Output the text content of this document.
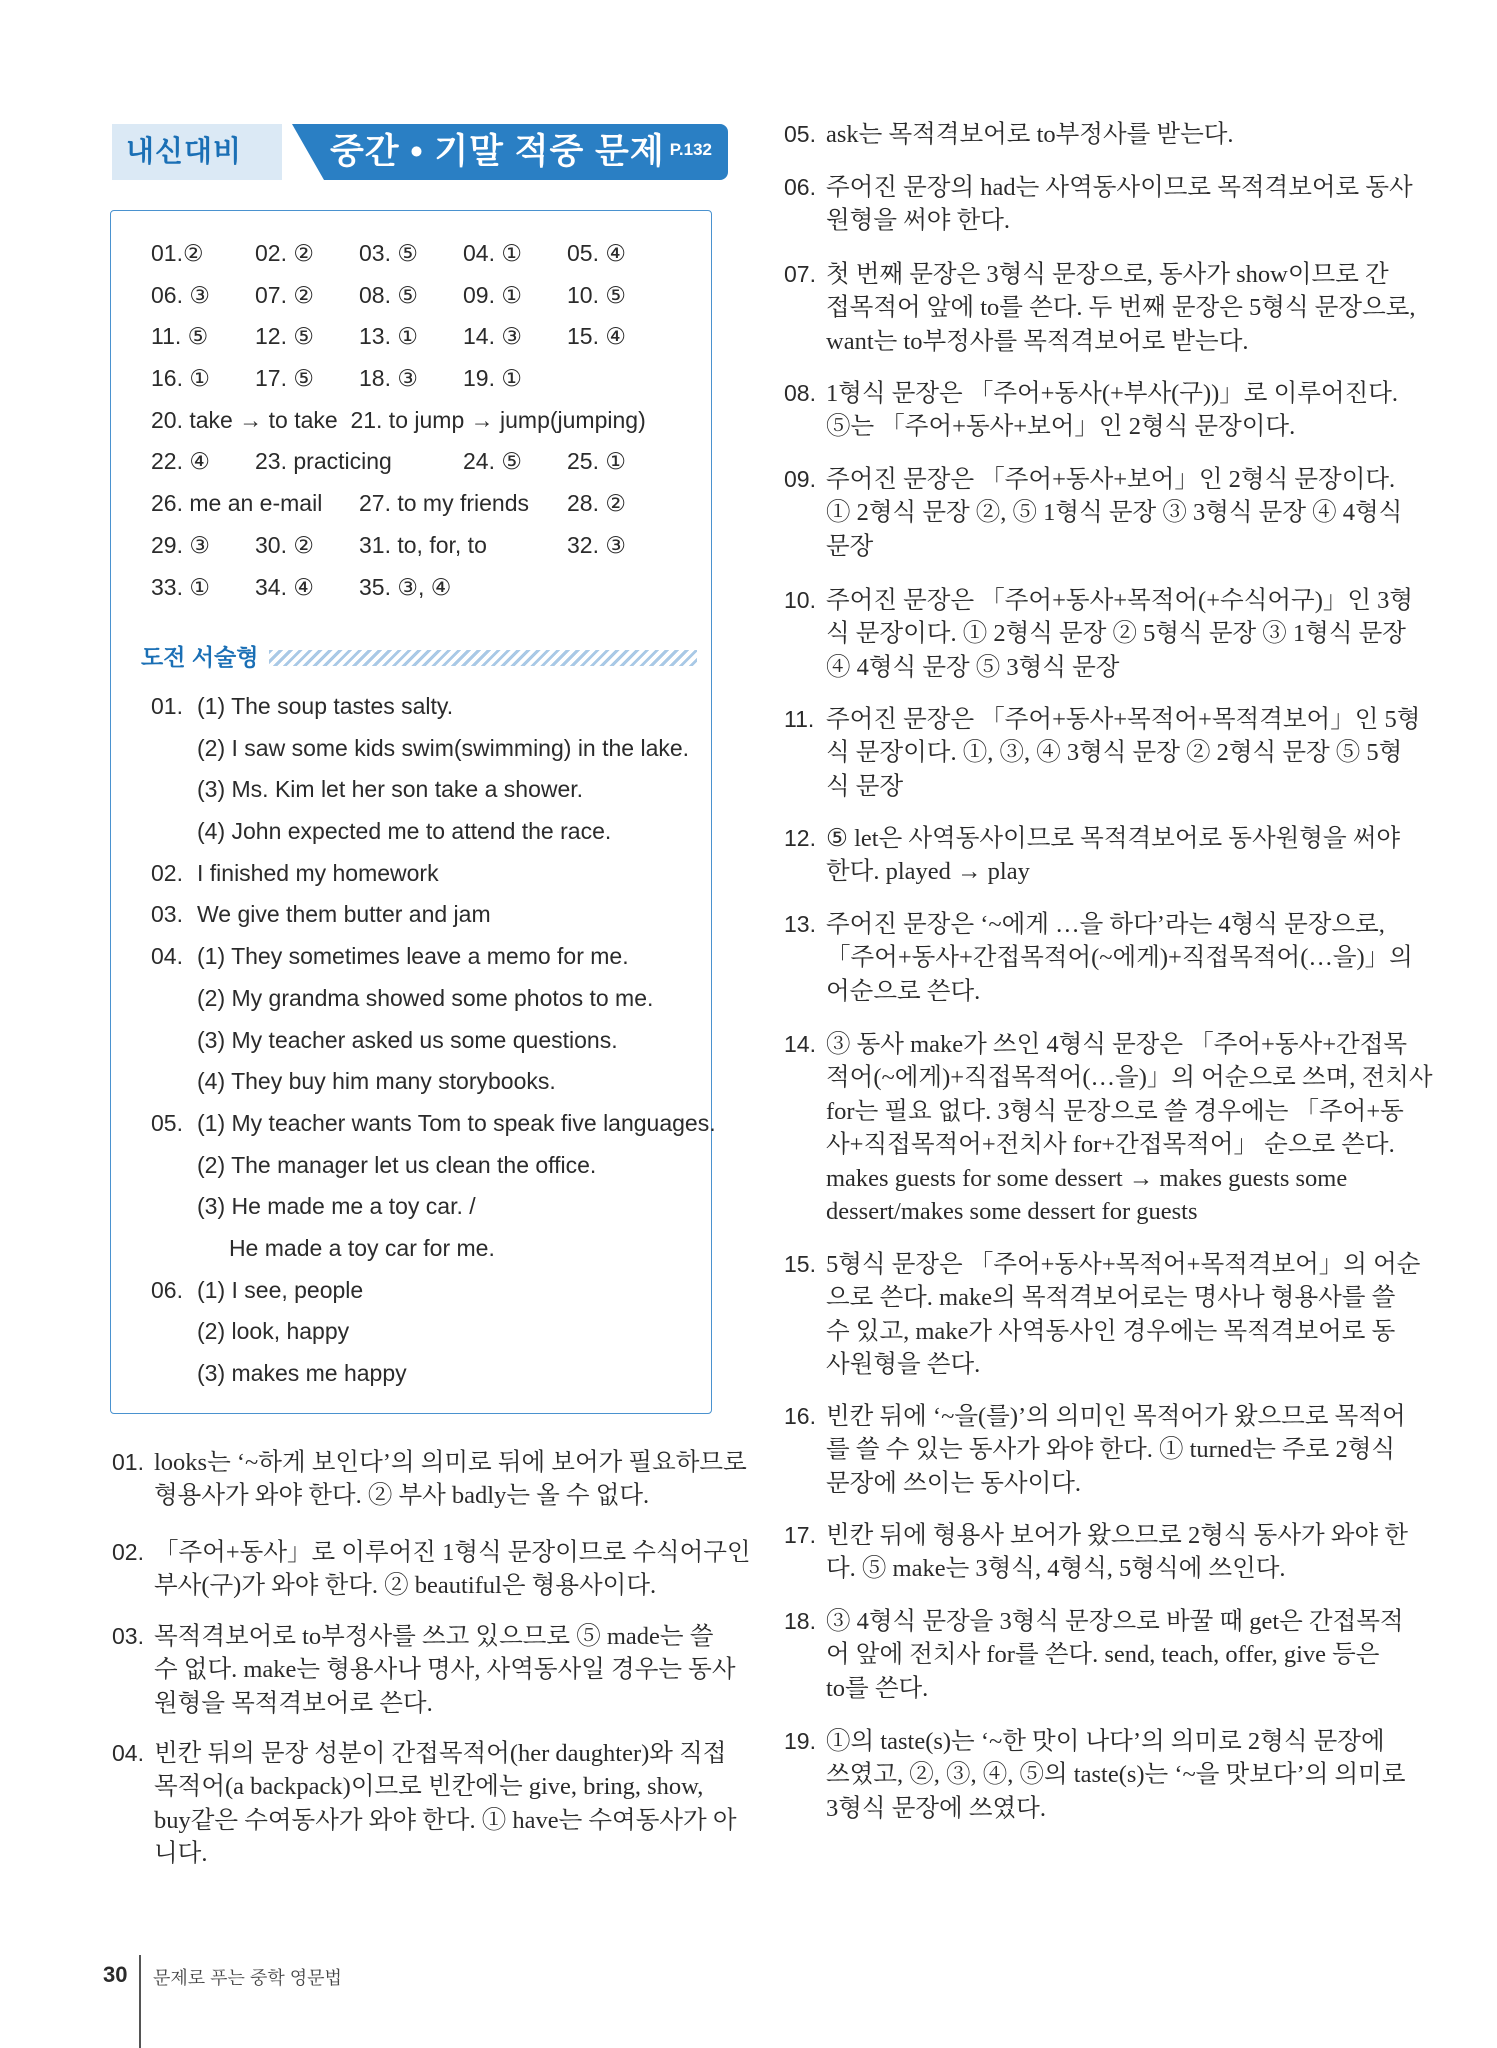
내신대비	중간 • 기말 적중 문제 P.132
01.② 02. ② 03. ⑤ 04. ① 05. ④
06. ③ 07. ② 08. ⑤ 09. ① 10. ⑤
11. ⑤ 12. ⑤ 13. ① 14. ③ 15. ④
16. ① 17. ⑤ 18. ③ 19. ①
20. take → to take  21. to jump → jump(jumping)
22. ④ 23. practicing	24. ⑤ 25. ①
26. me an e-mail 27. to my friends 28. ②
29. ③ 30. ② 31. to, for, to	32. ③
33. ① 34. ④ 35. ③, ④
도전 서술형
01. (1) The soup tastes salty.
(2) I saw some kids swim(swimming) in the lake.
(3) Ms. Kim let her son take a shower.
(4) John expected me to attend the race.
02. I finished my homework
03. We give them butter and jam
04. (1) They sometimes leave a memo for me.
(2) My grandma showed some photos to me.
(3) My teacher asked us some questions.
(4) They buy him many storybooks.
05. (1) My teacher wants Tom to speak five languages.
(2) The manager let us clean the office.
(3) He made me a toy car. /
He made a toy car for me.
06. (1) I see, people
(2) look, happy
(3) makes me happy
01. looks는 ‘~하게 보인다’의 의미로 뒤에 보어가 필요하므로
형용사가 와야 한다. ② 부사 badly는 올 수 없다.
02. 「주어+동사」로 이루어진 1형식 문장이므로 수식어구인
부사(구)가 와야 한다. ② beautiful은 형용사이다.
03. 목적격보어로 to부정사를 쓰고 있으므로 ⑤ made는 쓸
수 없다. make는 형용사나 명사, 사역동사일 경우는 동사
원형을 목적격보어로 쓴다.
04. 빈칸 뒤의 문장 성분이 간접목적어(her daughter)와 직접
목적어(a backpack)이므로 빈칸에는 give, bring, show,
buy같은 수여동사가 와야 한다. ① have는 수여동사가 아
니다.
05. ask는 목적격보어로 to부정사를 받는다.
06. 주어진 문장의 had는 사역동사이므로 목적격보어로 동사
원형을 써야 한다.
07. 첫 번째 문장은 3형식 문장으로, 동사가 show이므로 간
접목적어 앞에 to를 쓴다. 두 번째 문장은 5형식 문장으로,
want는 to부정사를 목적격보어로 받는다.
08. 1형식 문장은 「주어+동사(+부사(구))」로 이루어진다.
⑤는 「주어+동사+보어」인 2형식 문장이다.
09. 주어진 문장은 「주어+동사+보어」인 2형식 문장이다.
① 2형식 문장 ②, ⑤ 1형식 문장 ③ 3형식 문장 ④ 4형식
문장
10. 주어진 문장은 「주어+동사+목적어(+수식어구)」인 3형
식 문장이다. ① 2형식 문장 ② 5형식 문장 ③ 1형식 문장
④ 4형식 문장 ⑤ 3형식 문장
11. 주어진 문장은 「주어+동사+목적어+목적격보어」인 5형
식 문장이다. ①, ③, ④ 3형식 문장 ② 2형식 문장 ⑤ 5형
식 문장
12. ⑤ let은 사역동사이므로 목적격보어로 동사원형을 써야
한다. played → play
13. 주어진 문장은 ‘~에게 …을 하다’라는 4형식 문장으로,
「주어+동사+간접목적어(~에게)+직접목적어(…을)」의
어순으로 쓴다.
14. ③ 동사 make가 쓰인 4형식 문장은 「주어+동사+간접목
적어(~에게)+직접목적어(…을)」의 어순으로 쓰며, 전치사
for는 필요 없다. 3형식 문장으로 쓸 경우에는 「주어+동
사+직접목적어+전치사 for+간접목적어」 순으로 쓴다.
makes guests for some dessert → makes guests some
dessert/makes some dessert for guests
15. 5형식 문장은 「주어+동사+목적어+목적격보어」의 어순
으로 쓴다. make의 목적격보어로는 명사나 형용사를 쓸
수 있고, make가 사역동사인 경우에는 목적격보어로 동
사원형을 쓴다.
16. 빈칸 뒤에 ‘~을(를)’의 의미인 목적어가 왔으므로 목적어
를 쓸 수 있는 동사가 와야 한다. ① turned는 주로 2형식
문장에 쓰이는 동사이다.
17. 빈칸 뒤에 형용사 보어가 왔으므로 2형식 동사가 와야 한
다. ⑤ make는 3형식, 4형식, 5형식에 쓰인다.
18. ③ 4형식 문장을 3형식 문장으로 바꿀 때 get은 간접목적
어 앞에 전치사 for를 쓴다. send, teach, offer, give 등은
to를 쓴다.
19. ①의 taste(s)는 ‘~한 맛이 나다’의 의미로 2형식 문장에
쓰였고, ②, ③, ④, ⑤의 taste(s)는 ‘~을 맛보다’의 의미로
3형식 문장에 쓰였다.
30 문제로 푸는 중학 영문법
